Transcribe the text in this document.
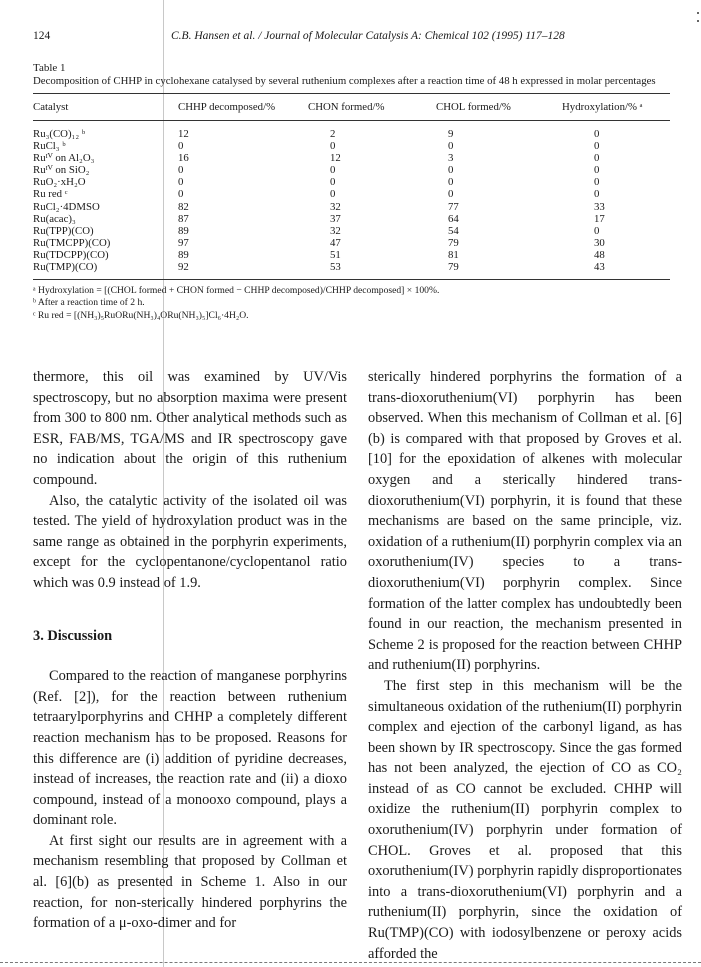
124	C.B. Hansen et al. / Journal of Molecular Catalysis A: Chemical 102 (1995) 117–128
Table 1
Decomposition of CHHP in cyclohexane catalysed by several ruthenium complexes after a reaction time of 48 h expressed in molar percentages
Catalyst	CHHP decomposed/%	CHON formed/%	CHOL formed/%	Hydroxylation/% ᵃ
Ru₃(CO)₁₂ ᵇ	12	2	9	0
RuCl₃ ᵇ	0	0	0	0
Ruᴵⱽ on Al₂O₃	16	12	3	0
Ruᴵⱽ on SiO₂	0	0	0	0
RuO₂·xH₂O	0	0	0	0
Ru red ᶜ	0	0	0	0
RuCl₂·4DMSO	82	32	77	33
Ru(acac)₃	87	37	64	17
Ru(TPP)(CO)	89	32	54	0
Ru(TMCPP)(CO)	97	47	79	30
Ru(TDCPP)(CO)	89	51	81	48
Ru(TMP)(CO)	92	53	79	43
ᵃ Hydroxylation = [(CHOL formed + CHON formed − CHHP decomposed)/CHHP decomposed] × 100%.
ᵇ After a reaction time of 2 h.
ᶜ Ru red = [(NH₃)₅RuORu(NH₃)₄ORu(NH₃)₅]Cl₆·4H₂O.

thermore, this oil was examined by UV/Vis spectroscopy, but no absorption maxima were present from 300 to 800 nm. Other analytical methods such as ESR, FAB/MS, TGA/MS and IR spectroscopy gave no indication about the origin of this ruthenium compound.

Also, the catalytic activity of the isolated oil was tested. The yield of hydroxylation product was in the same range as obtained in the porphyrin experiments, except for the cyclopentanone/cyclopentanol ratio which was 0.9 instead of 1.9.

3. Discussion

Compared to the reaction of manganese porphyrins (Ref. [2]), for the reaction between ruthenium tetraarylporphyrins and CHHP a completely different reaction mechanism has to be proposed. Reasons for this difference are (i) addition of pyridine decreases, instead of increases, the reaction rate and (ii) a dioxo compound, instead of a monooxo compound, plays a dominant role.

At first sight our results are in agreement with a mechanism resembling that proposed by Collman et al. [6](b) as presented in Scheme 1. Also in our reaction, for non-sterically hindered porphyrins the formation of a μ-oxo-dimer and for

sterically hindered porphyrins the formation of a trans-dioxoruthenium(VI) porphyrin has been observed. When this mechanism of Collman et al. [6](b) is compared with that proposed by Groves et al. [10] for the epoxidation of alkenes with molecular oxygen and a sterically hindered trans-dioxoruthenium(VI) porphyrin, it is found that these mechanisms are based on the same principle, viz. oxidation of a ruthenium(II) porphyrin complex via an oxoruthenium(IV) species to a trans-dioxoruthenium(VI) porphyrin complex. Since formation of the latter complex has undoubtedly been found in our reaction, the mechanism presented in Scheme 2 is proposed for the reaction between CHHP and ruthenium(II) porphyrins.

The first step in this mechanism will be the simultaneous oxidation of the ruthenium(II) porphyrin complex and ejection of the carbonyl ligand, as has been shown by IR spectroscopy. Since the gas formed has not been analyzed, the ejection of CO as CO₂ instead of as CO cannot be excluded. CHHP will oxidize the ruthenium(II) porphyrin complex to oxoruthenium(IV) porphyrin under formation of CHOL. Groves et al. proposed that this oxoruthenium(IV) porphyrin rapidly disproportionates into a trans-dioxoruthenium(VI) porphyrin and a ruthenium(II) porphyrin, since the oxidation of Ru(TMP)(CO) with iodosylbenzene or peroxy acids afforded the
